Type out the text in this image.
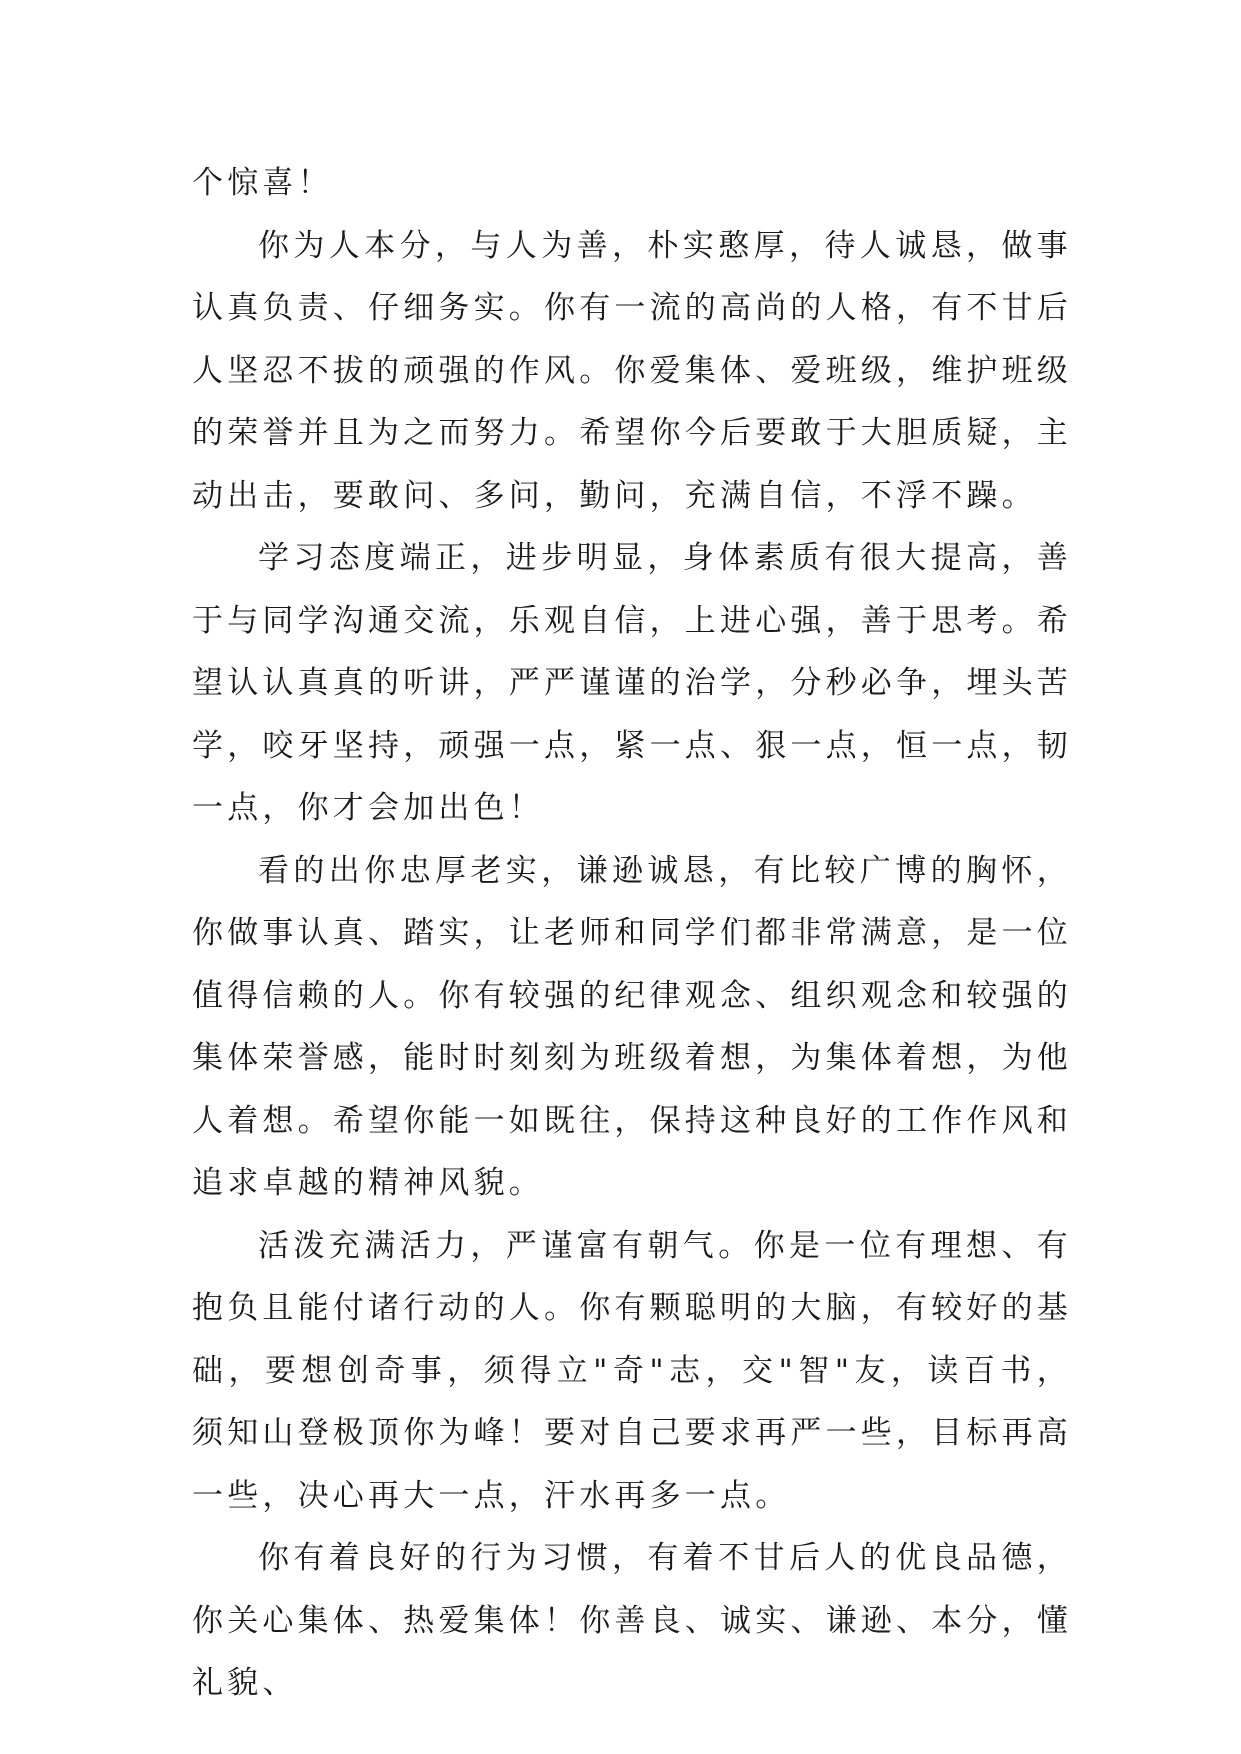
个惊喜！

你为人本分，与人为善，朴实憨厚，待人诚恳，做事认真负责、仔细务实。你有一流的高尚的人格，有不甘后人坚忍不拔的顽强的作风。你爱集体、爱班级，维护班级的荣誉并且为之而努力。希望你今后要敢于大胆质疑，主动出击，要敢问、多问，勤问，充满自信，不浮不躁。

学习态度端正，进步明显，身体素质有很大提高，善于与同学沟通交流，乐观自信，上进心强，善于思考。希望认认真真的听讲，严严谨谨的治学，分秒必争，埋头苦学，咬牙坚持，顽强一点，紧一点、狠一点，恒一点，韧一点，你才会加出色！

看的出你忠厚老实，谦逊诚恳，有比较广博的胸怀，你做事认真、踏实，让老师和同学们都非常满意，是一位值得信赖的人。你有较强的纪律观念、组织观念和较强的集体荣誉感，能时时刻刻为班级着想，为集体着想，为他人着想。希望你能一如既往，保持这种良好的工作作风和追求卓越的精神风貌。

活泼充满活力，严谨富有朝气。你是一位有理想、有抱负且能付诸行动的人。你有颗聪明的大脑，有较好的基础，要想创奇事，须得立"奇"志，交"智"友，读百书，须知山登极顶你为峰！要对自己要求再严一些，目标再高一些，决心再大一点，汗水再多一点。

你有着良好的行为习惯，有着不甘后人的优良品德，你关心集体、热爱集体！你善良、诚实、谦逊、本分，懂礼貌、
